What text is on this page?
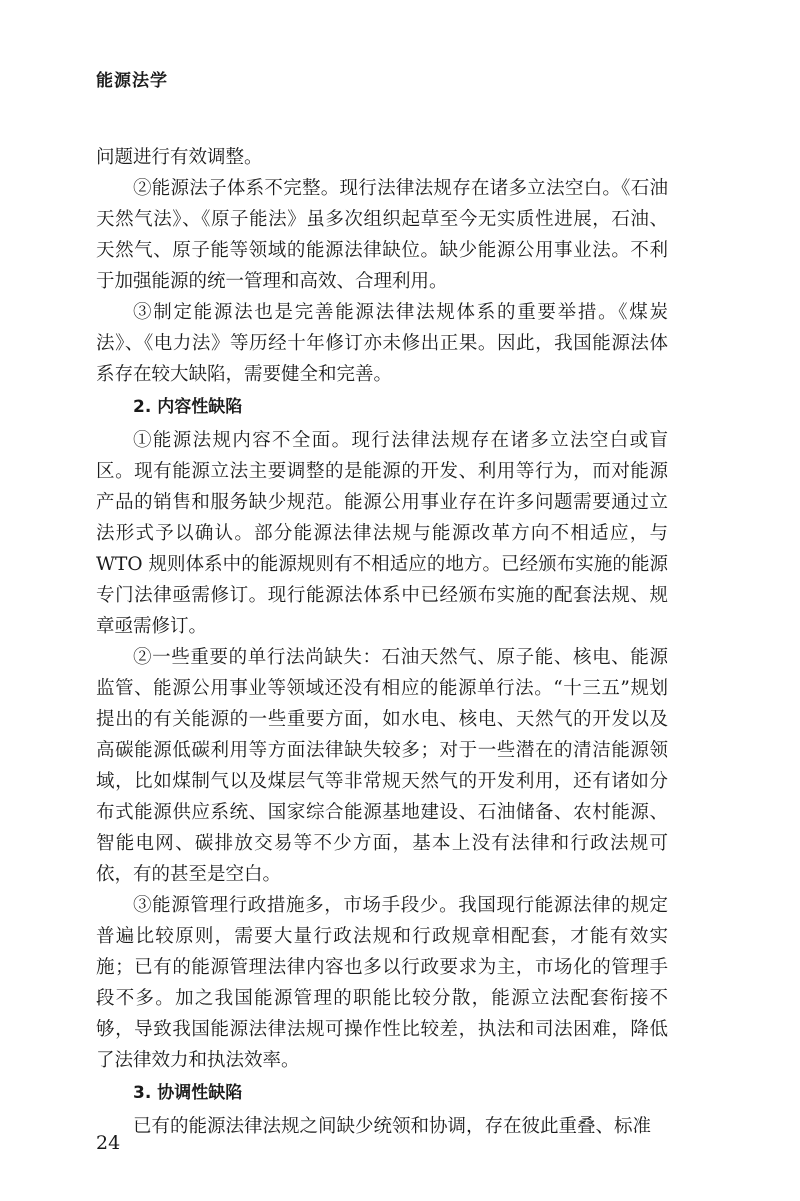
能源法学

问题进行有效调整。

②能源法子体系不完整。现行法律法规存在诸多立法空白。《石油天然气法》、《原子能法》虽多次组织起草至今无实质性进展，石油、天然气、原子能等领域的能源法律缺位。缺少能源公用事业法。不利于加强能源的统一管理和高效、合理利用。

③制定能源法也是完善能源法律法规体系的重要举措。《煤炭法》、《电力法》等历经十年修订亦未修出正果。因此，我国能源法体系存在较大缺陷，需要健全和完善。

2. 内容性缺陷

①能源法规内容不全面。现行法律法规存在诸多立法空白或盲区。现有能源立法主要调整的是能源的开发、利用等行为，而对能源产品的销售和服务缺少规范。能源公用事业存在许多问题需要通过立法形式予以确认。部分能源法律法规与能源改革方向不相适应，与 WTO 规则体系中的能源规则有不相适应的地方。已经颁布实施的能源专门法律亟需修订。现行能源法体系中已经颁布实施的配套法规、规章亟需修订。

②一些重要的单行法尚缺失：石油天然气、原子能、核电、能源监管、能源公用事业等领域还没有相应的能源单行法。“十三五”规划提出的有关能源的一些重要方面，如水电、核电、天然气的开发以及高碳能源低碳利用等方面法律缺失较多；对于一些潜在的清洁能源领域，比如煤制气以及煤层气等非常规天然气的开发利用，还有诸如分布式能源供应系统、国家综合能源基地建设、石油储备、农村能源、智能电网、碳排放交易等不少方面，基本上没有法律和行政法规可依，有的甚至是空白。

③能源管理行政措施多，市场手段少。我国现行能源法律的规定普遍比较原则，需要大量行政法规和行政规章相配套，才能有效实施；已有的能源管理法律内容也多以行政要求为主，市场化的管理手段不多。加之我国能源管理的职能比较分散，能源立法配套衔接不够，导致我国能源法律法规可操作性比较差，执法和司法困难，降低了法律效力和执法效率。

3. 协调性缺陷

已有的能源法律法规之间缺少统领和协调，存在彼此重叠、标准

24
